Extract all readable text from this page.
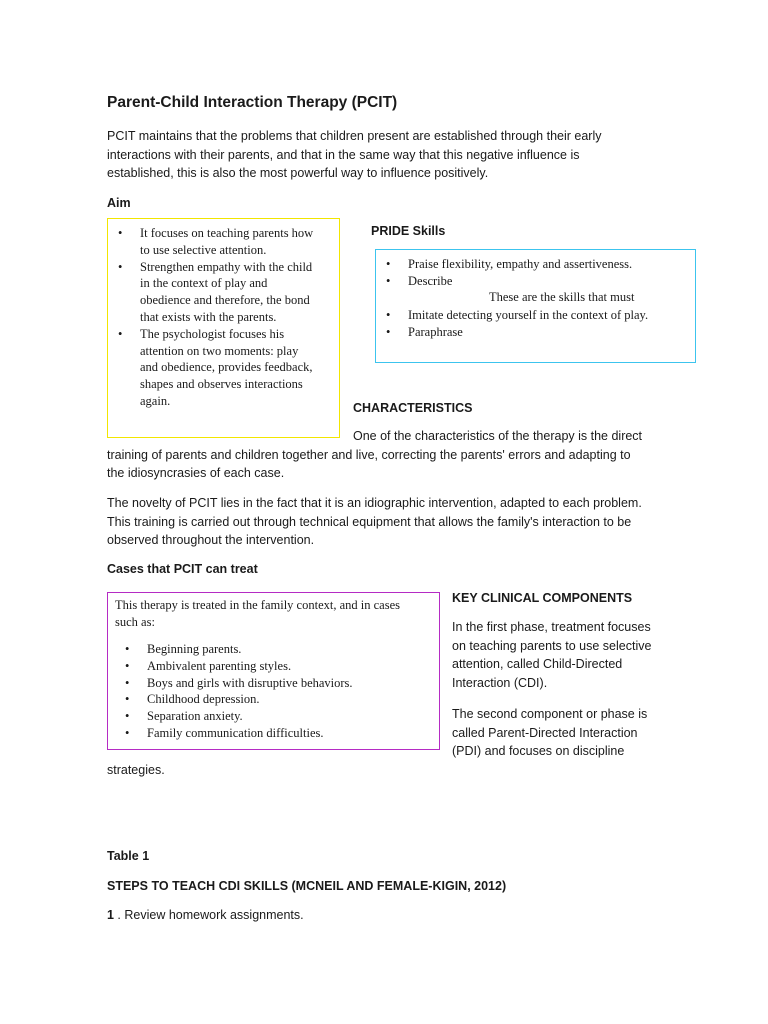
Parent-Child Interaction Therapy (PCIT)
PCIT maintains that the problems that children present are established through their early
interactions with their parents, and that in the same way that this negative influence is
established, this is also the most powerful way to influence positively.
Aim
• It focuses on teaching parents how
to use selective attention.
• Strengthen empathy with the child
in the context of play and
obedience and therefore, the bond
that exists with the parents.
• The psychologist focuses his
attention on two moments: play
and obedience, provides feedback,
shapes and observes interactions
again.
PRIDE Skills
• Praise flexibility, empathy and assertiveness.
• Describe
These are the skills that must
• Imitate detecting yourself in the context of play.
• Paraphrase
CHARACTERISTICS
One of the characteristics of the therapy is the direct
training of parents and children together and live, correcting the parents' errors and adapting to
the idiosyncrasies of each case.
The novelty of PCIT lies in the fact that it is an idiographic intervention, adapted to each problem.
This training is carried out through technical equipment that allows the family's interaction to be
observed throughout the intervention.
Cases that PCIT can treat
This therapy is treated in the family context, and in cases
such as:
• Beginning parents.
• Ambivalent parenting styles.
• Boys and girls with disruptive behaviors.
• Childhood depression.
• Separation anxiety.
• Family communication difficulties.
KEY CLINICAL COMPONENTS
In the first phase, treatment focuses
on teaching parents to use selective
attention, called Child-Directed
Interaction (CDI).
The second component or phase is
called Parent-Directed Interaction
(PDI) and focuses on discipline
strategies.
Table 1
STEPS TO TEACH CDI SKILLS (MCNEIL AND FEMALE-KIGIN, 2012)
1 . Review homework assignments.
